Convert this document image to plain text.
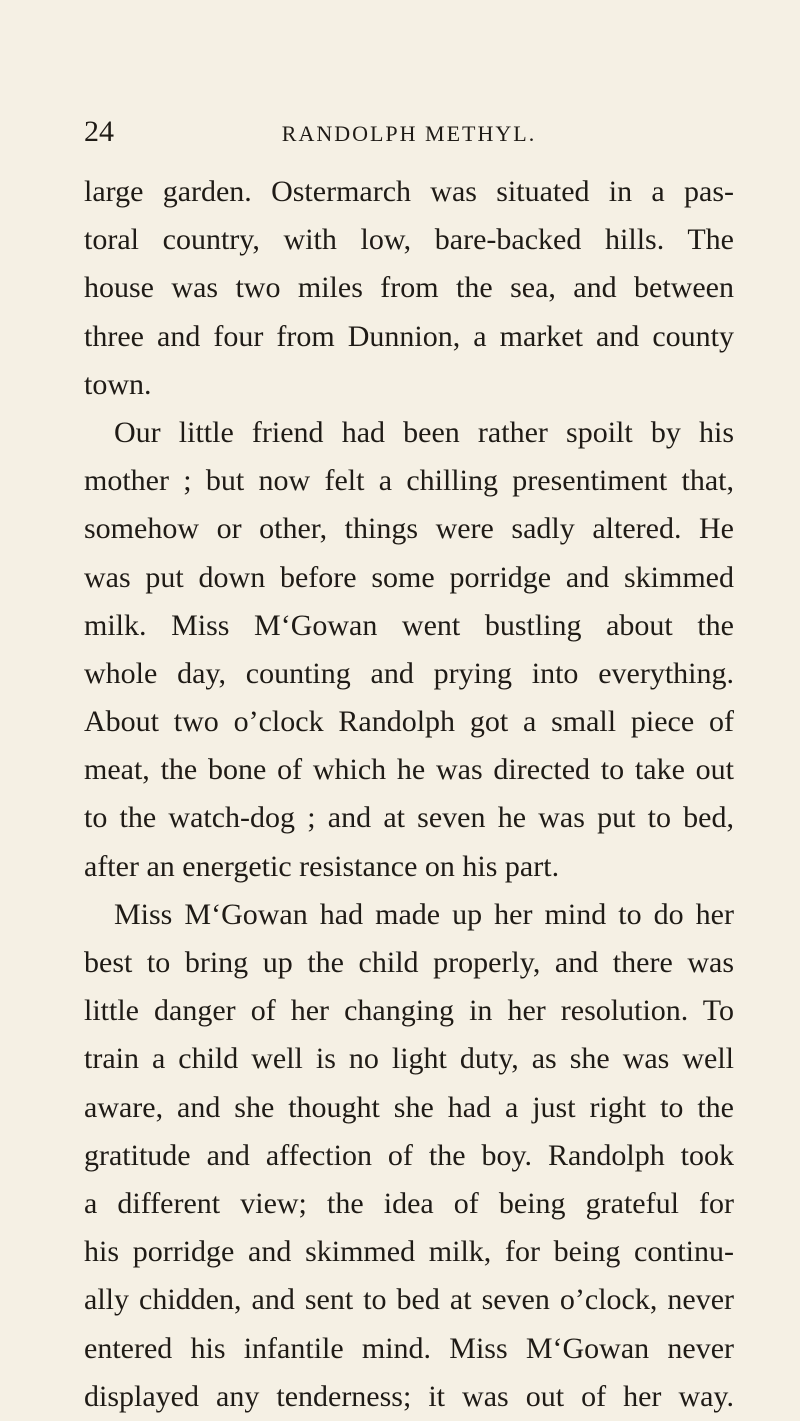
24	RANDOLPH METHYL.
large garden. Ostermarch was situated in a pas-
toral country, with low, bare-backed hills. The
house was two miles from the sea, and between
three and four from Dunnion, a market and county
town.
Our little friend had been rather spoilt by his
mother ; but now felt a chilling presentiment that,
somehow or other, things were sadly altered. He
was put down before some porridge and skimmed
milk. Miss M‘Gowan went bustling about the
whole day, counting and prying into everything.
About two o’clock Randolph got a small piece of
meat, the bone of which he was directed to take out
to the watch-dog ; and at seven he was put to bed,
after an energetic resistance on his part.
Miss M‘Gowan had made up her mind to do her
best to bring up the child properly, and there was
little danger of her changing in her resolution. To
train a child well is no light duty, as she was well
aware, and she thought she had a just right to the
gratitude and affection of the boy. Randolph took
a different view; the idea of being grateful for
his porridge and skimmed milk, for being continu-
ally chidden, and sent to bed at seven o’clock, never
entered his infantile mind. Miss M‘Gowan never
displayed any tenderness; it was out of her way.
